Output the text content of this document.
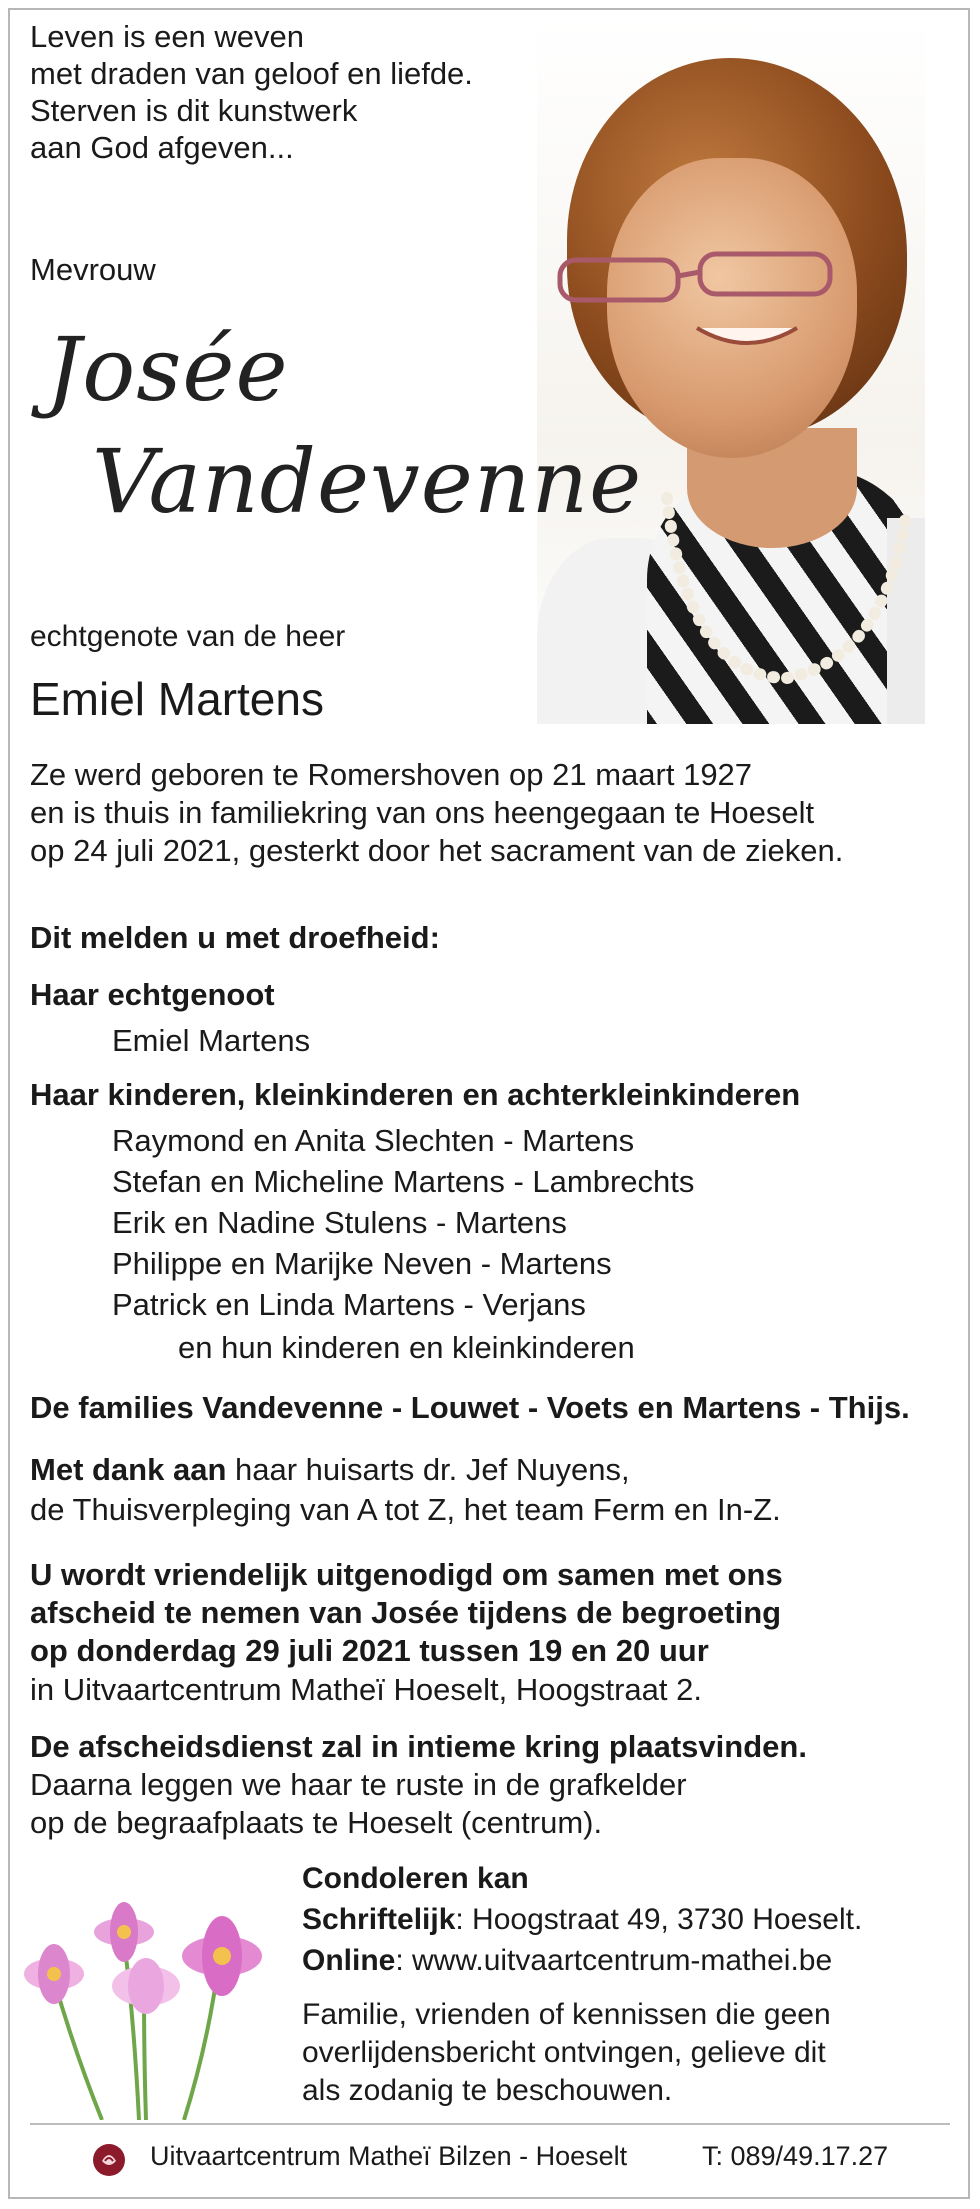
Leven is een weven
met draden van geloof en liefde.
Sterven is dit kunstwerk
aan God afgeven...
Mevrouw
Josée
Vandevenne
echtgenote van de heer
Emiel Martens
Ze werd geboren te Romershoven op 21 maart 1927
en is thuis in familiekring van ons heengegaan te Hoeselt
op 24 juli 2021, gesterkt door het sacrament van de zieken.
Dit melden u met droefheid:
Haar echtgenoot
Emiel Martens
Haar kinderen, kleinkinderen en achterkleinkinderen
Raymond en Anita Slechten - Martens
Stefan en Micheline Martens - Lambrechts
Erik en Nadine Stulens - Martens
Philippe en Marijke Neven - Martens
Patrick en Linda Martens - Verjans
en hun kinderen en kleinkinderen
De families Vandevenne - Louwet - Voets en Martens - Thijs.
Met dank aan haar huisarts dr. Jef Nuyens,
de Thuisverpleging van A tot Z, het team Ferm en In-Z.
U wordt vriendelijk uitgenodigd om samen met ons
afscheid te nemen van Josée tijdens de begroeting
op donderdag 29 juli 2021 tussen 19 en 20 uur
in Uitvaartcentrum Matheï Hoeselt, Hoogstraat 2.
De afscheidsdienst zal in intieme kring plaatsvinden.
Daarna leggen we haar te ruste in de grafkelder
op de begraafplaats te Hoeselt (centrum).
Condoleren kan
Schriftelijk: Hoogstraat 49, 3730 Hoeselt.
Online: www.uitvaartcentrum-mathei.be
Familie, vrienden of kennissen die geen
overlijdensbericht ontvingen, gelieve dit
als zodanig te beschouwen.
Uitvaartcentrum Matheï Bilzen - Hoeselt	T: 089/49.17.27
